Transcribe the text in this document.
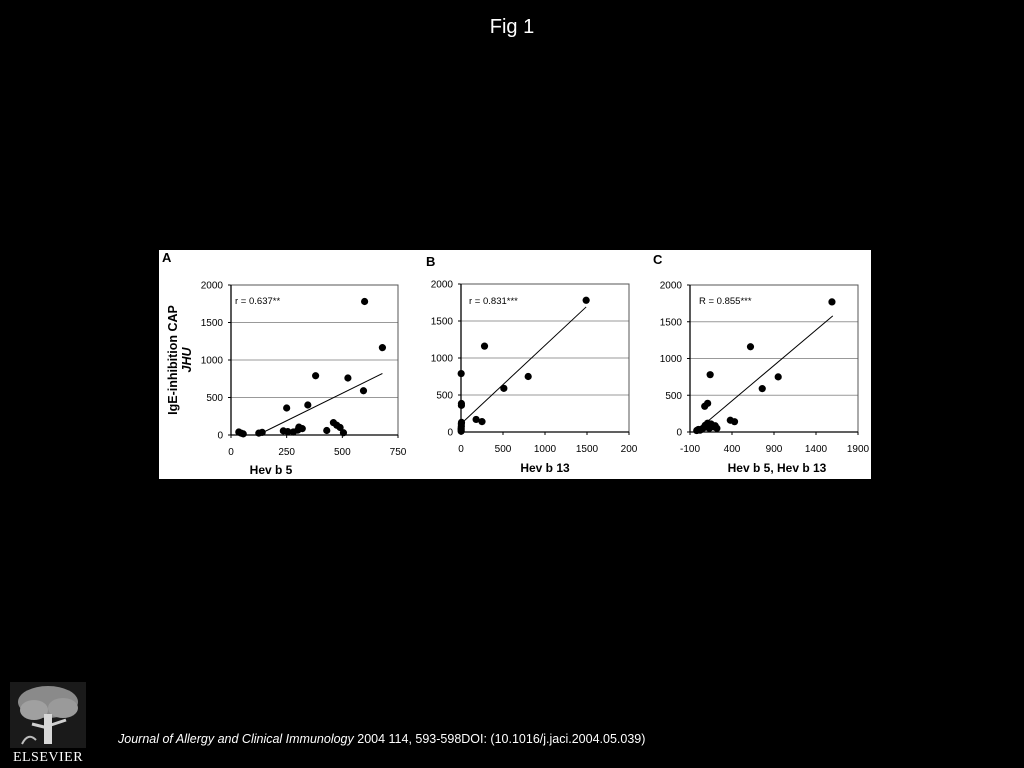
Fig 1
A
0
500
1000
1500
2000
0	250	500	750
r = 0.637**
Hev b 5
IgE-inhibition CAP JHU
B
0
500
1000
1500
2000
0	500 1000 1500 200
r = 0.831***
Hev b 13
C
0
500
1000
1500
2000
-100 400	900 1400 1900
R = 0.855***
Hev b 5, Hev b 13
Journal of Allergy and Clinical Immunology 2004 114, 593-598DOI: (10.1016/j.jaci.2004.05.039)
ELSEVIER
